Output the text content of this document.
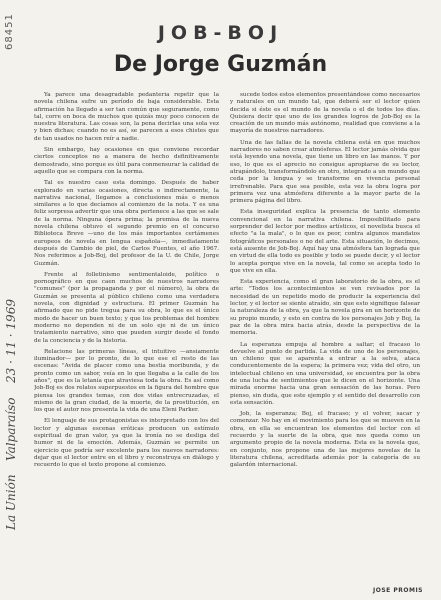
68451
La Unión Valparaíso 23 · 11 · 1969
JOB-BOJ
De Jorge Guzmán

Ya parece una desagradable pedantería repetir que la novela chilena sufre un período de baja considerable. Esta afirmación ha llegado a ser tan común que seguramente, como tal, corre en boca de muchos que quizás muy poco conocen de nuestra literatura. Las cosas son, la pena decirlas una sola vez y bien dichas; cuando no es así, se parecen a esos chistes que de tan usados no hacen reír a nadie.

Sin embargo, hay ocasiones en que conviene recordar ciertos conceptos no a manera de hecho definitivamente demostrado, sino porque es útil para conmensurar la calidad de aquello que se compara con la norma.

Tal es nuestro caso esta domingo. Después de haber explorado en varias ocasiones, directa o indirectamente, la narrativa nacional, llegamos a conclusiones más o menos similares a lo que decíamos al comienzo de la nota. Y es una feliz sorpresa advertir que una obra pertenece a las que se sale de la norma. Ninguna ópera prima; la premisa de la nueva novela chilena obtuvo el segundo premio en el concurso Biblioteca Breve —uno de los más importantes certámenes europeos de novela en lengua española—, inmediatamente después de Cambio de piel, de Carlos Fuentes, el año 1967. Nos referimos a Job-Boj, del profesor de la U. de Chile, Jorge Guzmán.

Frente al folletinismo sentimentaloide, político o pornográfico en que caen muchos de nuestros narradores "comunes" (por la propaganda y por el número), la obra de Guzmán se presenta al público chileno como una verdadera novela, con dignidad y estructura. El primer Guzmán ha afirmado que no pide tregua para su obra, lo que es el único modo de hacer un buen texto; y que los problemas del hombre moderno no dependen ni de un solo eje ni de un único tratamiento narrativo, sino que pueden surgir desde el fondo de la conciencia y de la historia.

Relacione las primeras líneas, el intuitivo —ansiamente iluminador— por lo pronto, de lo que ese el resto de las escenas: "Avida de placer como una bestia moribunda, y de pronto como un sabor, veía en lo que llegaba a la calle de los años", que es la letanía que atraviesa toda la obra. Es así como Job-Boj es dos relatos superpuestos en la figura del hombre que piensa los grandes temas, con dos vidas entrecruzadas, el mismo de la gran ciudad, de la muerte, de la prostitución, en los que el autor nos presenta la vida de una Eleni Parker.

El lenguaje de sus protagonistas es interpretado con los del lector y algunas escenas eróticas producen un estímulo espiritual de gran valor, ya que la ironía no se desliga del humor ni de la emoción. Además, Guzmán se permite un ejercicio que podría ser excelente para los nuevos narradores: dejar que el lector entre en el libro y reconstruya en diálogo y recuerdo lo que el texto propone al comienzo.

sucede todos estos elementos presentándose como necesarios y naturales en un mundo tal, que deberá ser el lector quien decida si éste es el mundo de la novela o el de todos los días. Quisiera decir que uno de los grandes logros de Job-Boj es la creación de un mundo más autónomo, realidad que conviene a la mayoría de nuestros narradores.

Una de las fallas de la novela chilena está en que muchos narradores no saben crear atmósferas. El lector jamás olvida que está leyendo una novela, que tiene un libro en las manos. Y por eso, lo que es el aprecio no consigue apropiarse de su lector, atrapándolo, transformándolo en otro, integrado a un mundo que ceda por la lengua y se transforme en vivencia personal irrefrenable. Para que sea posible, esta vez la obra logra por primera vez una atmósfera diferente a la mayor parte de la primera página del libro.

Esta inseguridad explica la presencia de tanto elemento convencional en la narrativa chilena. Imposibilitado para sorprender del lector por medios artísticos, el novelista busca el efecto "a la mala", o lo que es peor, contra algunos mandatos fotográficos personales o no del arte. Esta situación, lo decimos, está ausente de Job-Boj. Aquí hay una atmósfera tan lograda que en virtud de ella todo es posible y todo se puede decir, y el lector lo acepta porque vive en la novela, tal como se acepta todo lo que vive en ella.

Esta experiencia, como el gran laboratorio de la obra, es el arte: "Todos los acontecimientos se ven revisados por la necesidad de un repetido modo de producir la experiencia del lector, y el lector se siente atraído, sin que esto signifique falsear la naturaleza de la obra, ya que la novela gira en un horizonte de su propio mundo, y esto en contra de los personajes Job y Boj, la paz de la obra mira hacia atrás, desde la perspectiva de la memoria.

La esperanza empuja al hombre a saltar; el fracaso lo devuelve al punto de partida. La vida de uno de los personajes, un chileno que se aparenta a entrar a la selva, ataca conducentemente de la espera; la primera vez; vida del otro, un intelectual chileno en una universidad, se encuentra por la obra de una lucha de sentimientos que le dicen en el horizonte. Una mirada enorme hacia una gran sensación de las horas. Pero pienso, sin duda, que este ejemplo y el sentido del desarrollo con esta sensación.

Job, la esperanza; Boj, el fracaso; y el volver, sacar y comenzar. No hay en el movimiento para los que se mueven en la obra, en ella se encuentran los elementos del lector con el recuerdo y la suerte de la obra, que nos queda como un argumento propio de la novela moderna. Esta es la novela que, en conjunto, nos propone una de las mejores novelas de la literatura chilena, acreditada además por la categoría de su galardón internacional.

JOSE PROMIS
